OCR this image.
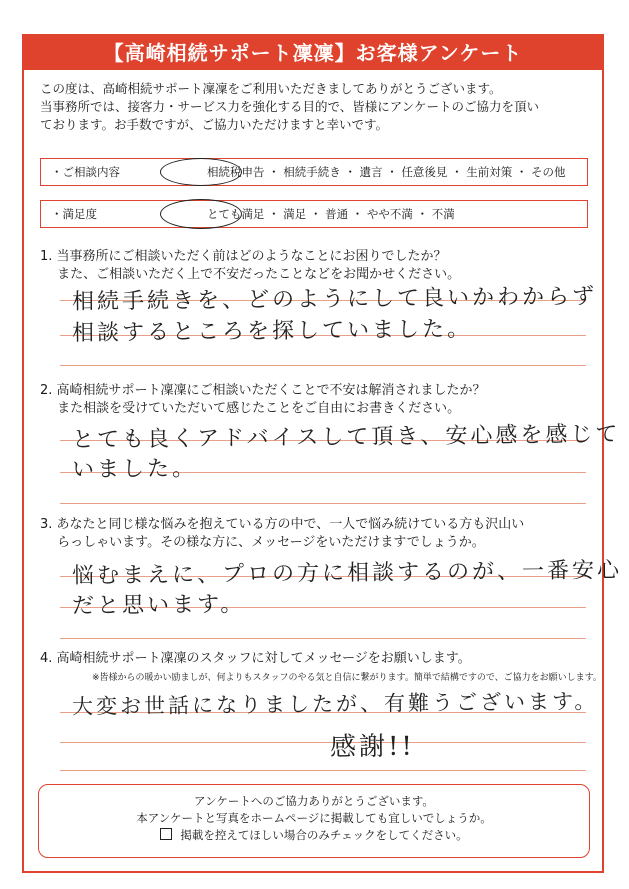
【高崎相続サポート凜凜】お客様アンケート
この度は、高崎相続サポート凜凜をご利用いただきましてありがとうございます。
当事務所では、接客力・サービス力を強化する目的で、皆様にアンケートのご協力を頂い
ております。お手数ですが、ご協力いただけますと幸いです。
・ご相談内容	相続税申告 ・ 相続手続き ・ 遺言 ・ 任意後見 ・ 生前対策 ・ その他
・満足度	とても満足 ・ 満足 ・ 普通 ・ やや不満 ・ 不満
1. 当事務所にご相談いただく前はどのようなことにお困りでしたか？
　 また、ご相談いただく上で不安だったことなどをお聞かせください。
相続手続きを、どのようにして良いかわからず
相談するところを探していました。
2. 高崎相続サポート凜凜にご相談いただくことで不安は解消されましたか？
　 また相談を受けていただいて感じたことをご自由にお書きください。
とても良くアドバイスして頂き、安心感を感じて
いました。
3. あなたと同じ様な悩みを抱えている方の中で、一人で悩み続けている方も沢山い
　 らっしゃいます。その様な方に、メッセージをいただけますでしょうか。
悩むまえに、プロの方に相談するのが、一番安心
だと思います。
4. 高崎相続サポート凜凜のスタッフに対してメッセージをお願いします。
※皆様からの暖かい励ましが、何よりもスタッフのやる気と自信に繋がります。簡単で結構ですので、ご協力をお願いします。
大変お世話になりましたが、有難うございます。
感謝!!
アンケートへのご協力ありがとうございます。
本アンケートと写真をホームページに掲載しても宜しいでしょうか。
掲載を控えてほしい場合のみチェックをしてください。
